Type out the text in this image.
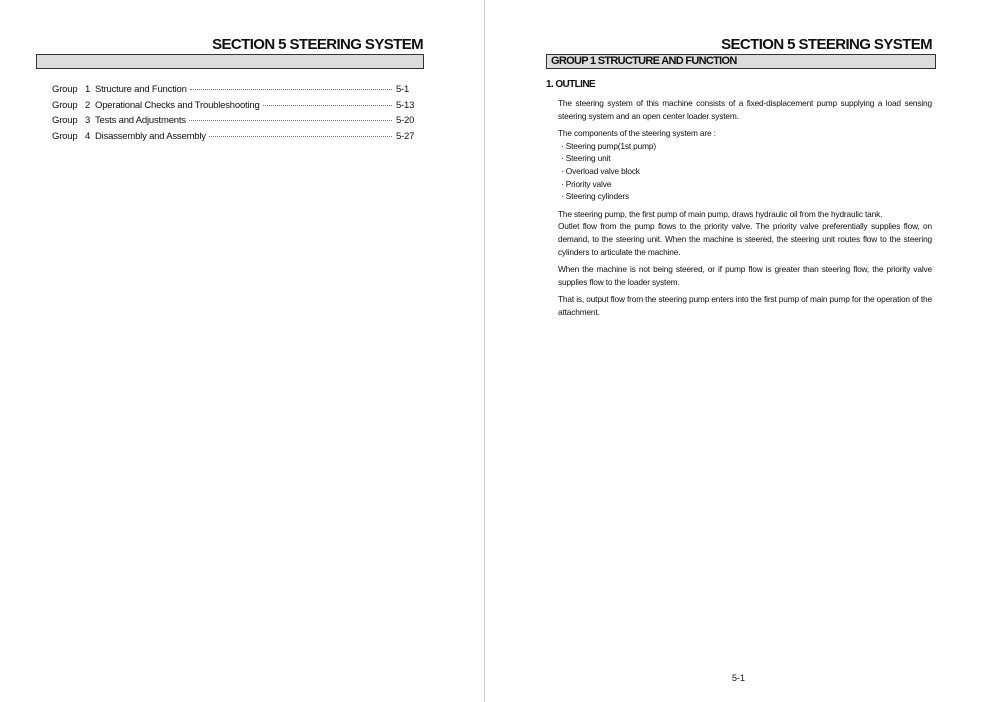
SECTION 5 STEERING SYSTEM
Group 1 Structure and Function	5-1
Group 2 Operational Checks and Troubleshooting	5-13
Group 3 Tests and Adjustments	5-20
Group 4 Disassembly and Assembly	5-27
SECTION 5 STEERING SYSTEM
GROUP 1 STRUCTURE AND FUNCTION
1. OUTLINE

The steering system of this machine consists of a fixed-displacement pump supplying a load sensing steering system and an open center loader system.

The components of the steering system are :

· Steering pump(1st pump)
· Steering unit
· Overload valve block
· Priority valve
· Steering cylinders

The steering pump, the first pump of main pump, draws hydraulic oil from the hydraulic tank.

Outlet flow from the pump flows to the priority valve. The priority valve preferentially supplies flow, on demand, to the steering unit. When the machine is steered, the steering unit routes flow to the steering cylinders to articulate the machine.

When the machine is not being steered, or if pump flow is greater than steering flow, the priority valve supplies flow to the loader system.

That is, output flow from the steering pump enters into the first pump of main pump for the operation of the attachment.

5-1
